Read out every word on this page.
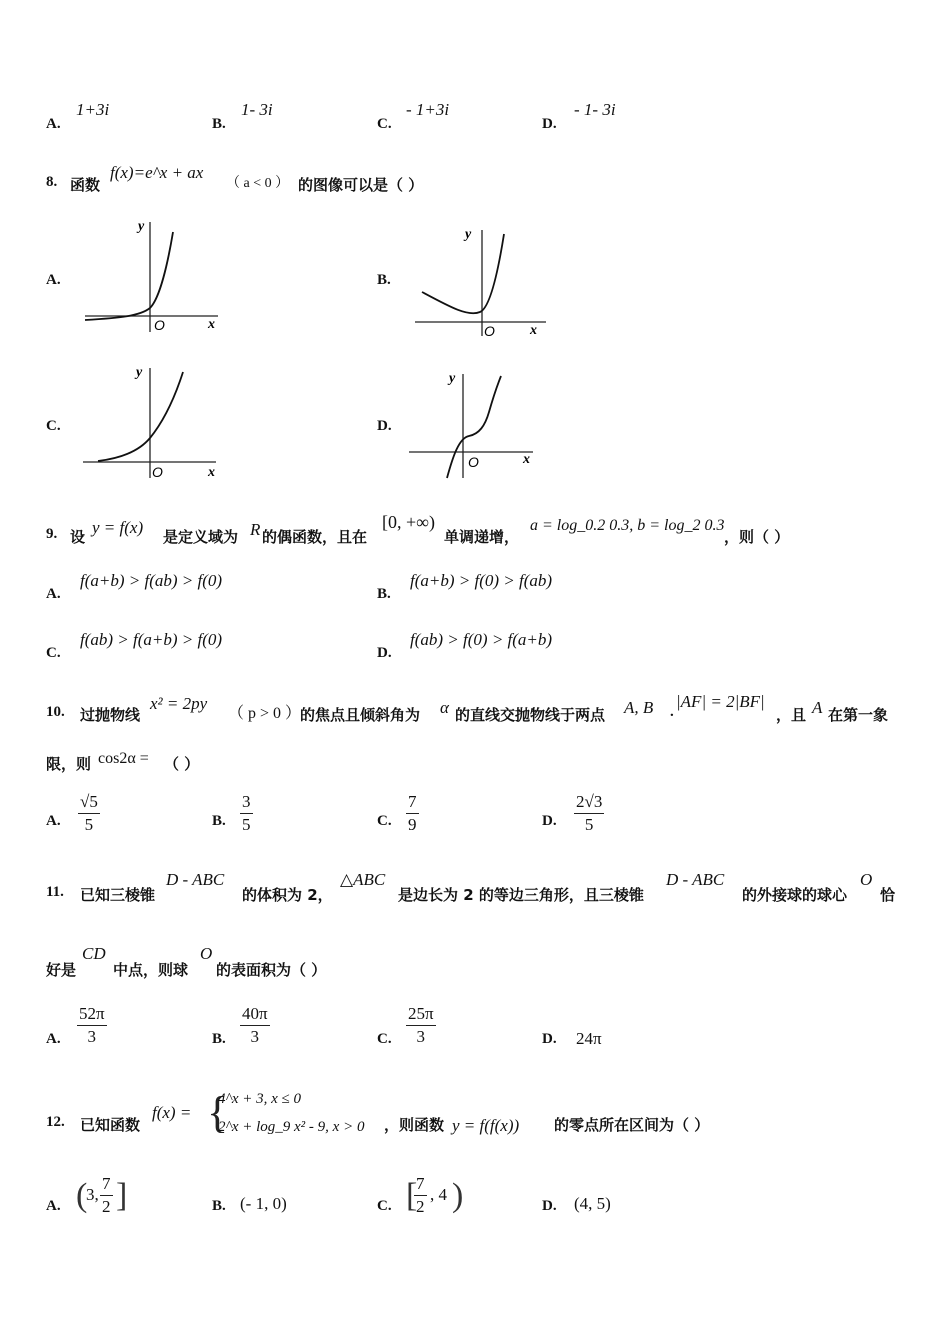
A.
1+3i
B.
1- 3i
C.
- 1+3i
D.
- 1- 3i
8. 函数
f(x)=e^x + ax
（ a < 0 ） 的图像可以是（ ）
A.
y
x
O
B.
y
x
O
C.
y
x
O
D.
y
x
O
9. 设 y = f(x) 是定义域为 R 的偶函数，且在
[0, +∞)
单调递增，
a = log_0.2 0.3, b = log_2 0.3
，则（ ）
A.
f(a+b) > f(ab) > f(0)
B.
f(a+b) > f(0) > f(ab)
C.
f(ab) > f(a+b) > f(0)
D.
f(ab) > f(0) > f(a+b)
10. 过抛物线
x² = 2py
（ p > 0 ）
的焦点且倾斜角为 α 的直线交抛物线于两点 A, B .
|AF| = 2|BF|
，且 A 在第一象
限，则 cos2α = （ ）
A. $\frac{√5}{5}$	B. $\frac{3}{5}$	C. $\frac{7}{9}$	D. $\frac{2√3}{5}$
11. 已知三棱锥
D - ABC
的体积为 2，
△ABC
是边长为 2 的等边三角形，且三棱锥
D - ABC
的外接球的球心
O
恰
好是
CD
中点，则球
O
的表面积为（ ）
A. $\frac{52\pi}{3}$	B. $\frac{40\pi}{3}$	C. $\frac{25\pi}{3}$	D. 24π
12. 已知函数
f(x) = {
4^x + 3, x ≤ 0
2^x + log_9 x² - 9, x > 0 ，则函数 y = f(f(x)) 的零点所在区间为（ ）
A. (
3, $\frac{7}{2}$ ]	B. (- 1, 0)	C. [
$\frac{7}{2}$ , 4 )	D. (4, 5)
